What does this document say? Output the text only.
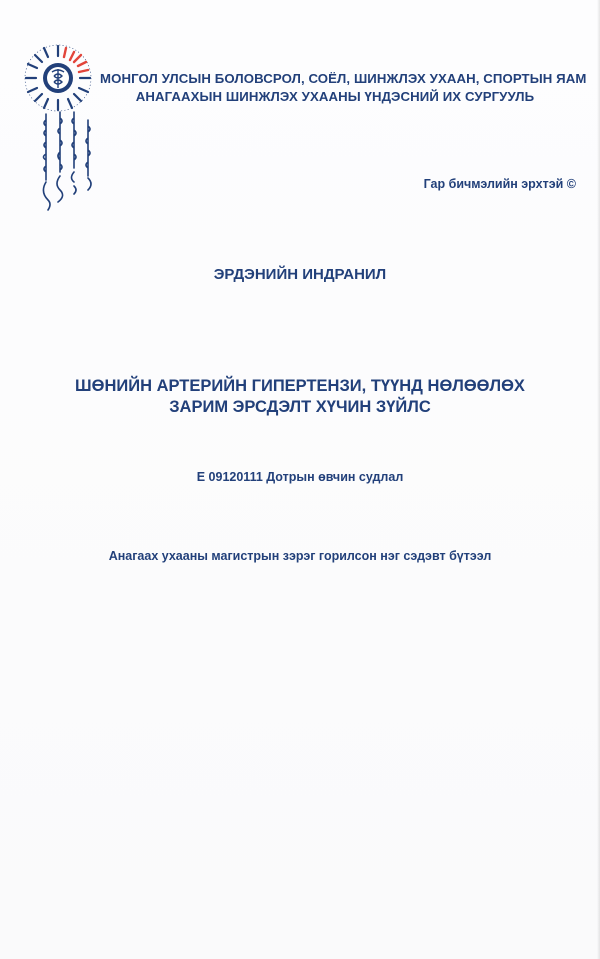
МОНГОЛ УЛСЫН БОЛОВСРОЛ, СОЁЛ, ШИНЖЛЭХ УХААН, СПОРТЫН ЯАМ
АНАГААХЫН ШИНЖЛЭХ УХААНЫ ҮНДЭСНИЙ ИХ СУРГУУЛЬ
Гар бичмэлийн эрхтэй ©
ЭРДЭНИЙН ИНДРАНИЛ
ШӨНИЙН АРТЕРИЙН ГИПЕРТЕНЗИ, ТҮҮНД НӨЛӨӨЛӨХ
ЗАРИМ ЭРСДЭЛТ ХҮЧИН ЗҮЙЛС
Е 09120111 Дотрын өвчин судлал
Анагаах ухааны магистрын зэрэг горилсон нэг сэдэвт бүтээл
